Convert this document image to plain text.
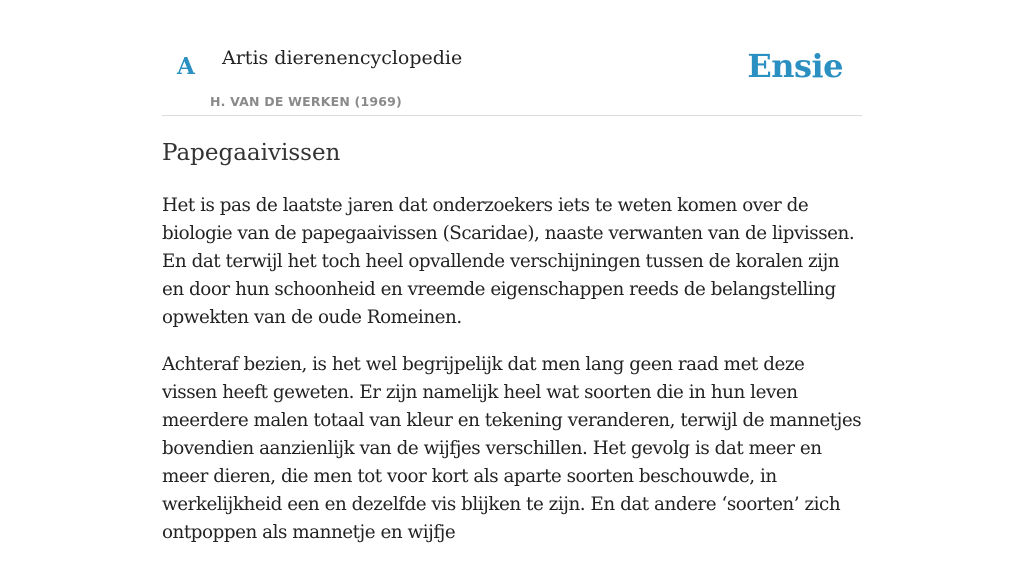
A Artis dierenencyclopedie
H. VAN DE WERKEN (1969)
Ensie
Papegaaivissen

Het is pas de laatste jaren dat onderzoekers iets te weten komen over de biologie van de papegaaivissen (Scaridae), naaste verwanten van de lipvissen. En dat terwijl het toch heel opvallende verschijningen tussen de koralen zijn en door hun schoonheid en vreemde eigenschappen reeds de belangstelling opwekten van de oude Romeinen.

Achteraf bezien, is het wel begrijpelijk dat men lang geen raad met deze vissen heeft geweten. Er zijn namelijk heel wat soorten die in hun leven meerdere malen totaal van kleur en tekening veranderen, terwijl de mannetjes bovendien aanzienlijk van de wijfjes verschillen. Het gevolg is dat meer en meer dieren, die men tot voor kort als aparte soorten beschouwde, in werkelijkheid een en dezelfde vis blijken te zijn. En dat andere ‘soorten’ zich ontpoppen als mannetje en wijfje
